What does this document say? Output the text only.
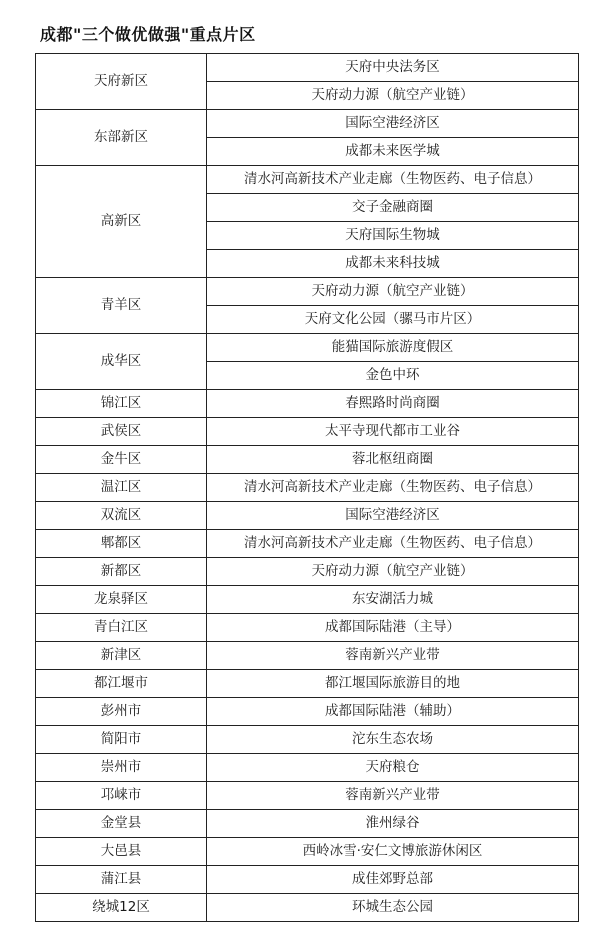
成都"三个做优做强"重点片区
天府新区	天府中央法务区
	天府动力源（航空产业链）
东部新区	国际空港经济区
	成都未来医学城
高新区	清水河高新技术产业走廊（生物医药、电子信息）
	交子金融商圈
	天府国际生物城
	成都未来科技城
青羊区	天府动力源（航空产业链）
	天府文化公园（骡马市片区）
成华区	能猫国际旅游度假区
	金色中环
锦江区	春熙路时尚商圈
武侯区	太平寺现代都市工业谷
金牛区	蓉北枢纽商圈
温江区	清水河高新技术产业走廊（生物医药、电子信息）
双流区	国际空港经济区
郫都区	清水河高新技术产业走廊（生物医药、电子信息）
新都区	天府动力源（航空产业链）
龙泉驿区	东安湖活力城
青白江区	成都国际陆港（主导）
新津区	蓉南新兴产业带
都江堰市	都江堰国际旅游目的地
彭州市	成都国际陆港（辅助）
简阳市	沱东生态农场
崇州市	天府粮仓
邛崃市	蓉南新兴产业带
金堂县	淮州绿谷
大邑县	西岭冰雪·安仁文博旅游休闲区
蒲江县	成佳郊野总部
绕城12区	环城生态公园
